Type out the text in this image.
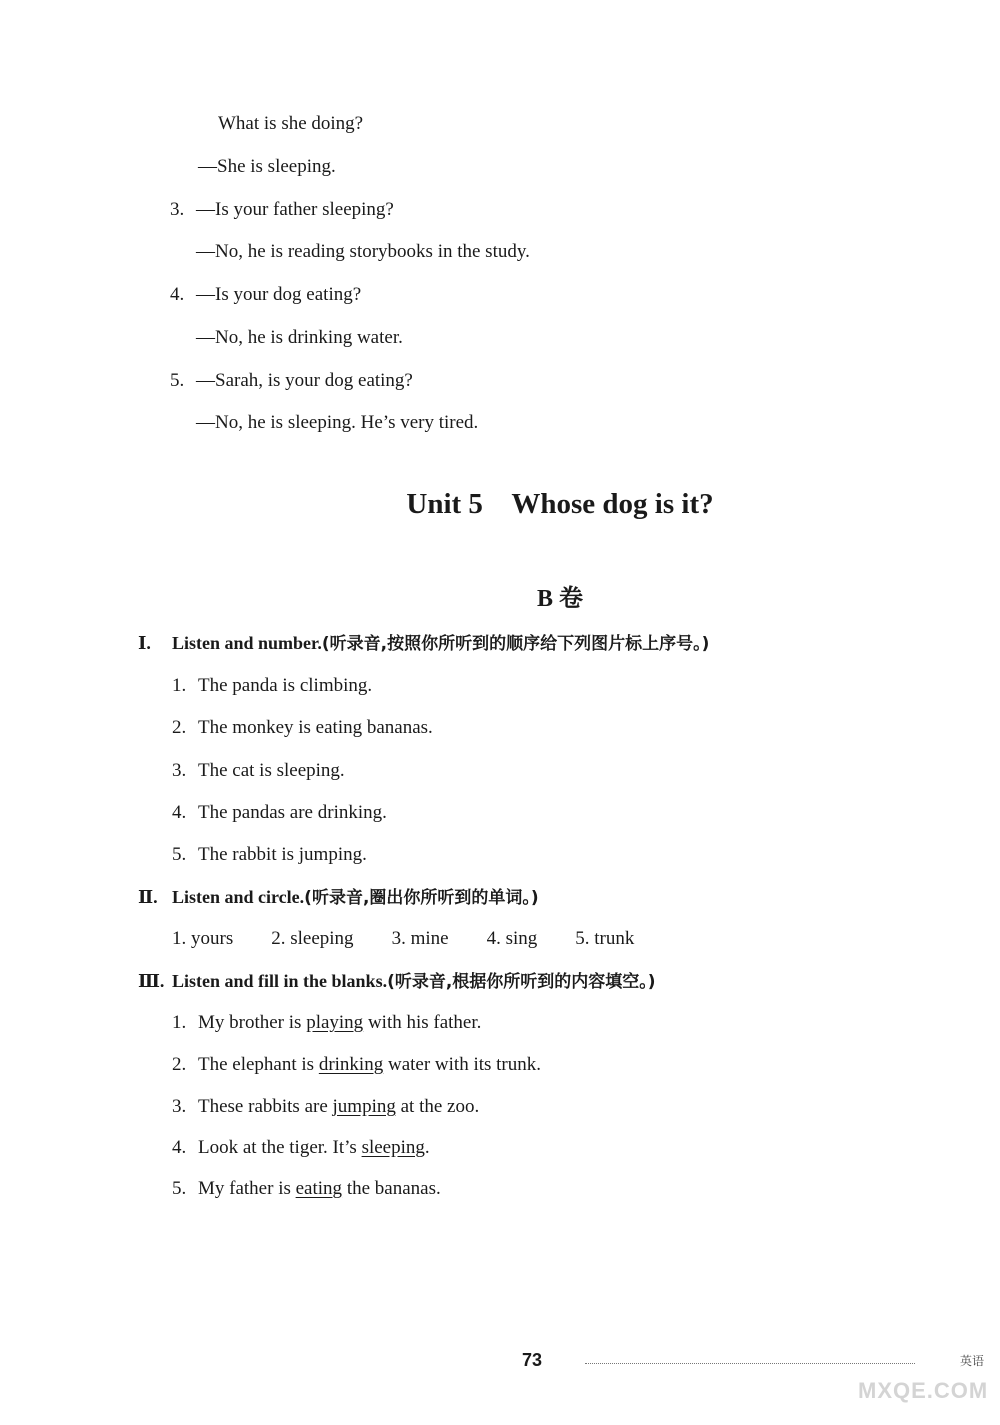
What is she doing?
—She is sleeping.
3. —Is your father sleeping?
—No, he is reading storybooks in the study.
4. —Is your dog eating?
—No, he is drinking water.
5. —Sarah, is your dog eating?
—No, he is sleeping. He’s very tired.
Unit 5    Whose dog is it?
B 卷
Ⅰ. Listen and number.(听录音,按照你所听到的顺序给下列图片标上序号。)
1. The panda is climbing.
2. The monkey is eating bananas.
3. The cat is sleeping.
4. The pandas are drinking.
5. The rabbit is jumping.
Ⅱ. Listen and circle.(听录音,圈出你所听到的单词。)
1. yours 2. sleeping 3. mine 4. sing 5. trunk
Ⅲ. Listen and fill in the blanks.(听录音,根据你所听到的内容填空。)
1. My brother is playing with his father.
2. The elephant is drinking water with its trunk.
3. These rabbits are jumping at the zoo.
4. Look at the tiger. It’s sleeping.
5. My father is eating the bananas.
73	英语
MXQE.COM
